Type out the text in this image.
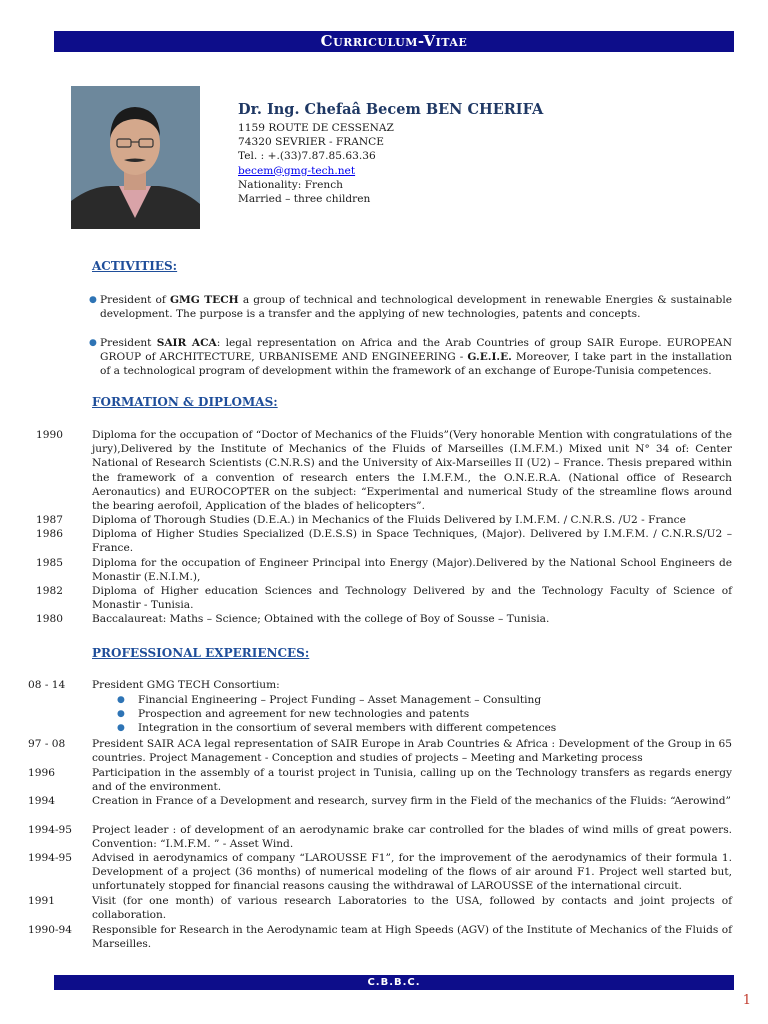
Curriculum-Vitae
Dr. Ing. Chefaâ Becem BEN CHERIFA
1159 ROUTE DE CESSENAZ
74320 SEVRIER - FRANCE
Tel. : +.(33)7.87.85.63.36
becem@gmg-tech.net
Nationality: French
Married – three children
ACTIVITIES:
● President of GMG TECH a group of technical and technological development in renewable Energies & sustainable development. The purpose is a transfer and the applying of new technologies, patents and concepts.
● President SAIR ACA: legal representation on Africa and the Arab Countries of group SAIR Europe. EUROPEAN GROUP of ARCHITECTURE, URBANISEME AND ENGINEERING - G.E.I.E. Moreover, I take part in the installation of a technological program of development within the framework of an exchange of Europe-Tunisia competences.
FORMATION & DIPLOMAS:
1990	Diploma for the occupation of “Doctor of Mechanics of the Fluids”(Very honorable Mention with congratulations of the jury),Delivered by the Institute of Mechanics of the Fluids of Marseilles (I.M.F.M.) Mixed unit N° 34 of: Center National of Research Scientists (C.N.R.S) and the University of Aix-Marseilles II (U2) – France. Thesis prepared within the framework of a convention of research enters the I.M.F.M., the O.N.E.R.A. (National office of Research Aeronautics) and EUROCOPTER on the subject: “Experimental and numerical Study of the streamline flows around the bearing aerofoil, Application of the blades of helicopters”.
1987	Diploma of Thorough Studies (D.E.A.) in Mechanics of the Fluids Delivered by I.M.F.M. / C.N.R.S. /U2 - France
1986	Diploma of Higher Studies Specialized (D.E.S.S) in Space Techniques, (Major). Delivered by I.M.F.M. / C.N.R.S/U2 – France.
1985	Diploma for the occupation of Engineer Principal into Energy (Major).Delivered by the National School Engineers de Monastir (E.N.I.M.),
1982	Diploma of Higher education Sciences and Technology Delivered by and the Technology Faculty of Science of Monastir - Tunisia.
1980	Baccalaureat: Maths – Science; Obtained with the college of Boy of Sousse – Tunisia.
PROFESSIONAL EXPERIENCES:
08 - 14	President GMG TECH Consortium:
● Financial Engineering – Project Funding – Asset Management – Consulting
● Prospection and agreement for new technologies and patents
● Integration in the consortium of several members with different competences
97 - 08	President SAIR ACA legal representation of SAIR Europe in Arab Countries & Africa : Development of the Group in 65 countries. Project Management - Conception and studies of projects – Meeting and Marketing process
1996	Participation in the assembly of a tourist project in Tunisia, calling up on the Technology transfers as regards energy and of the environment.
1994	Creation in France of a Development and research, survey firm in the Field of the mechanics of the Fluids: “Aerowind”
1994-95 Project leader : of development of an aerodynamic brake car controlled for the blades of wind mills of great powers. Convention: “I.M.F.M. ” - Asset Wind.
1994-95 Advised in aerodynamics of company “LAROUSSE F1”, for the improvement of the aerodynamics of their formula 1. Development of a project (36 months) of numerical modeling of the flows of air around F1. Project well started but, unfortunately stopped for financial reasons causing the withdrawal of LAROUSSE of the international circuit.
1991	Visit (for one month) of various research Laboratories to the USA, followed by contacts and joint projects of collaboration.
1990-94 Responsible for Research in the Aerodynamic team at High Speeds (AGV) of the Institute of Mechanics of the Fluids of Marseilles.
C.B.B.C.
1
